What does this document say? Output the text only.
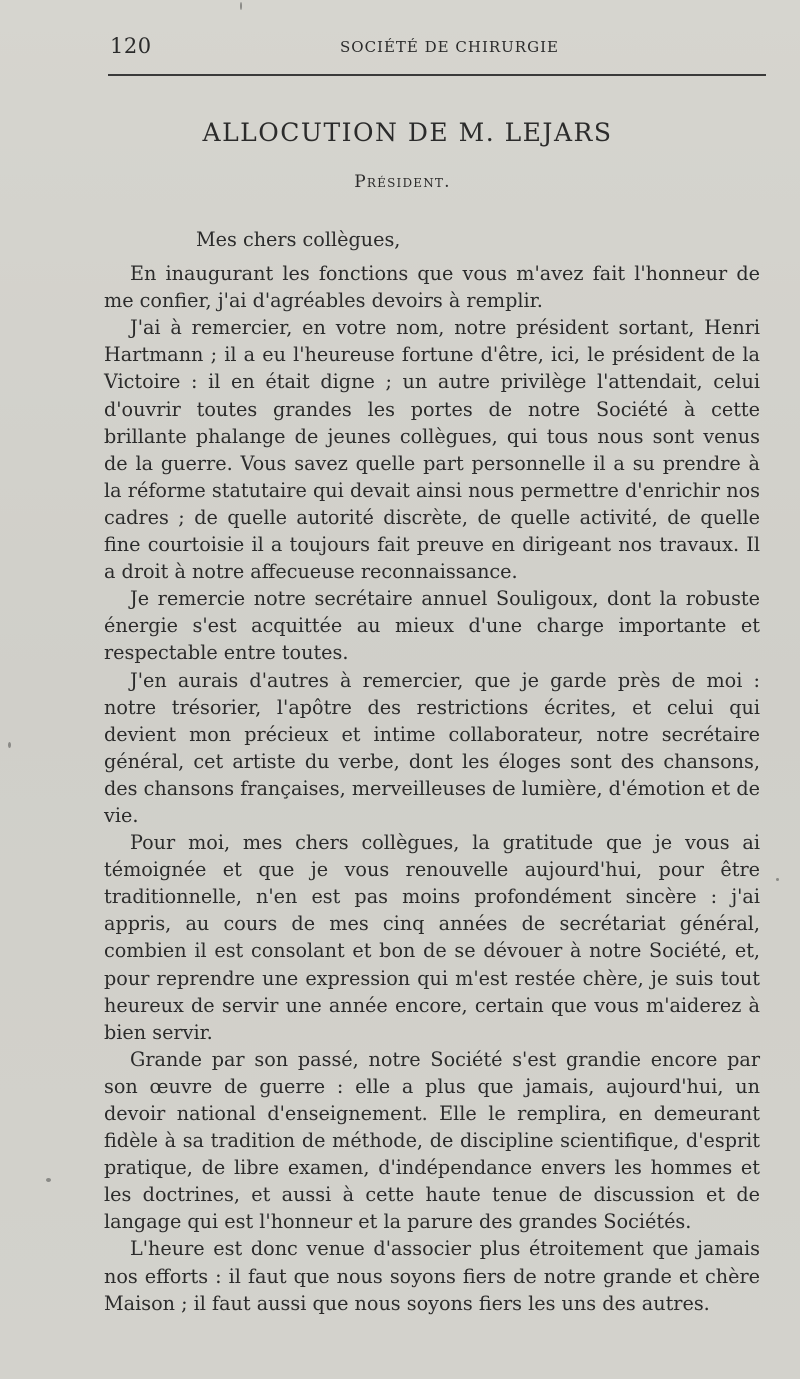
120	SOCIÉTÉ DE CHIRURGIE
ALLOCUTION DE M. LEJARS
Président.

Mes chers collègues,

En inaugurant les fonctions que vous m'avez fait l'honneur de me confier, j'ai d'agréables devoirs à remplir.

J'ai à remercier, en votre nom, notre président sortant, Henri Hartmann ; il a eu l'heureuse fortune d'être, ici, le président de la Victoire : il en était digne ; un autre privilège l'attendait, celui d'ouvrir toutes grandes les portes de notre Société à cette brillante phalange de jeunes collègues, qui tous nous sont venus de la guerre. Vous savez quelle part personnelle il a su prendre à la réforme statutaire qui devait ainsi nous permettre d'enrichir nos cadres ; de quelle autorité discrète, de quelle activité, de quelle fine courtoisie il a toujours fait preuve en dirigeant nos travaux. Il a droit à notre affecueuse reconnaissance.

Je remercie notre secrétaire annuel Souligoux, dont la robuste énergie s'est acquittée au mieux d'une charge importante et respectable entre toutes.

J'en aurais d'autres à remercier, que je garde près de moi : notre trésorier, l'apôtre des restrictions écrites, et celui qui devient mon précieux et intime collaborateur, notre secrétaire général, cet artiste du verbe, dont les éloges sont des chansons, des chansons françaises, merveilleuses de lumière, d'émotion et de vie.

Pour moi, mes chers collègues, la gratitude que je vous ai témoignée et que je vous renouvelle aujourd'hui, pour être traditionnelle, n'en est pas moins profondément sincère : j'ai appris, au cours de mes cinq années de secrétariat général, combien il est consolant et bon de se dévouer à notre Société, et, pour reprendre une expression qui m'est restée chère, je suis tout heureux de servir une année encore, certain que vous m'aiderez à bien servir.

Grande par son passé, notre Société s'est grandie encore par son œuvre de guerre : elle a plus que jamais, aujourd'hui, un devoir national d'enseignement. Elle le remplira, en demeurant fidèle à sa tradition de méthode, de discipline scientifique, d'esprit pratique, de libre examen, d'indépendance envers les hommes et les doctrines, et aussi à cette haute tenue de discussion et de langage qui est l'honneur et la parure des grandes Sociétés.

L'heure est donc venue d'associer plus étroitement que jamais nos efforts : il faut que nous soyons fiers de notre grande et chère Maison ; il faut aussi que nous soyons fiers les uns des autres.
